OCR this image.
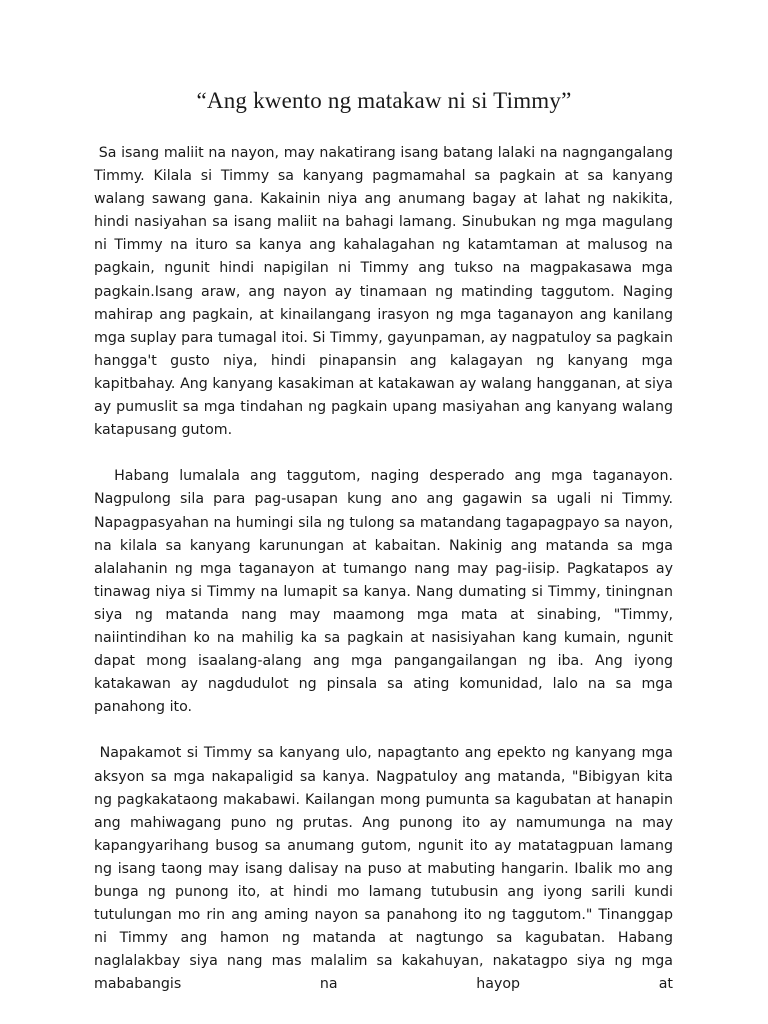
“Ang kwento ng matakaw ni si Timmy”

Sa isang maliit na nayon, may nakatirang isang batang lalaki na nagngangalang Timmy. Kilala si Timmy sa kanyang pagmamahal sa pagkain at sa kanyang walang sawang gana. Kakainin niya ang anumang bagay at lahat ng nakikita, hindi nasiyahan sa isang maliit na bahagi lamang. Sinubukan ng mga magulang ni Timmy na ituro sa kanya ang kahalagahan ng katamtaman at malusog na pagkain, ngunit hindi napigilan ni Timmy ang tukso na magpakasawa mga  pagkain.Isang araw, ang nayon ay tinamaan ng matinding taggutom. Naging mahirap ang pagkain, at kinailangang irasyon ng mga taganayon ang kanilang mga suplay para tumagal itoi. Si Timmy, gayunpaman, ay nagpatuloy sa pagkain hangga't gusto niya, hindi pinapansin ang kalagayan ng kanyang mga kapitbahay. Ang kanyang kasakiman at katakawan ay walang hangganan, at siya ay pumuslit sa mga tindahan ng pagkain upang masiyahan ang kanyang walang katapusang gutom.

Habang lumalala ang taggutom, naging desperado ang mga taganayon. Nagpulong sila para pag-usapan kung ano ang gagawin sa ugali ni Timmy. Napagpasyahan na humingi sila ng tulong sa matandang tagapagpayo sa nayon, na kilala sa kanyang karunungan at kabaitan. Nakinig ang matanda sa mga alalahanin ng mga taganayon at tumango nang may pag-iisip. Pagkatapos ay tinawag niya si Timmy na lumapit sa kanya. Nang dumating si Timmy, tiningnan siya ng matanda nang may maamong mga mata at sinabing, "Timmy, naiintindihan ko na mahilig ka sa pagkain at nasisiyahan kang kumain, ngunit dapat mong isaalang-alang ang mga pangangailangan ng iba. Ang iyong katakawan ay nagdudulot ng pinsala sa ating komunidad, lalo na sa mga panahong ito.

Napakamot si Timmy sa kanyang ulo, napagtanto ang epekto ng kanyang mga aksyon sa mga nakapaligid sa kanya. Nagpatuloy ang matanda, "Bibigyan kita ng pagkakataong makabawi. Kailangan mong pumunta sa kagubatan at hanapin ang mahiwagang puno ng prutas. Ang punong ito ay namumunga na may kapangyarihang busog sa anumang gutom, ngunit ito ay matatagpuan lamang ng isang taong may isang dalisay na puso at mabuting hangarin. Ibalik mo ang bunga ng punong ito, at hindi mo lamang tutubusin ang iyong sarili kundi tutulungan mo rin ang aming nayon sa panahong ito ng taggutom." Tinanggap ni Timmy ang hamon ng matanda at nagtungo sa kagubatan. Habang naglalakbay siya nang mas malalim sa kakahuyan, nakatagpo siya ng mga mababangis na hayop at
